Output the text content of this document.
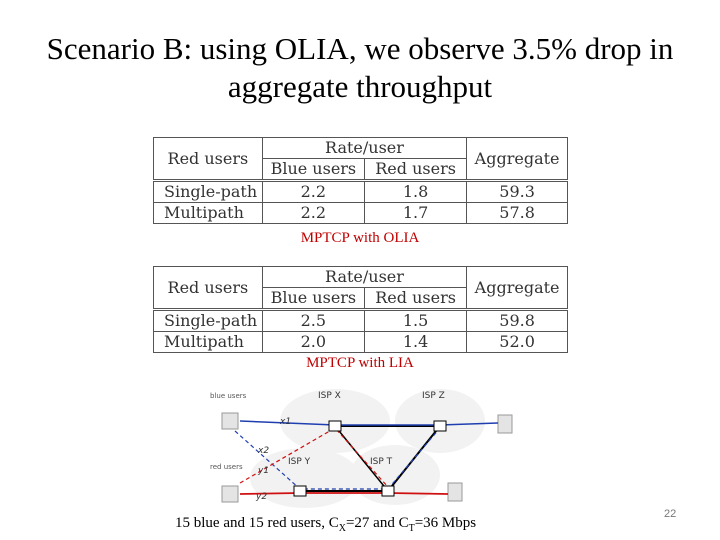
Scenario B: using OLIA, we observe 3.5% drop in aggregate throughput
Red users	Rate/user		Aggregate
	Blue users	Red users	
Single-path	2.2	1.8	59.3
Multipath	2.2	1.7	57.8
MPTCP with OLIA
Red users	Rate/user		Aggregate
	Blue users	Red users	
Single-path	2.5	1.5	59.8
Multipath	2.0	1.4	52.0
MPTCP with LIA
blue users
red users
ISP X	ISP Z
ISP Y	ISP T
x1
x2
y1
y2
15 blue and 15 red users, $C_X=27$ and $C_T=36$ Mbps
22
